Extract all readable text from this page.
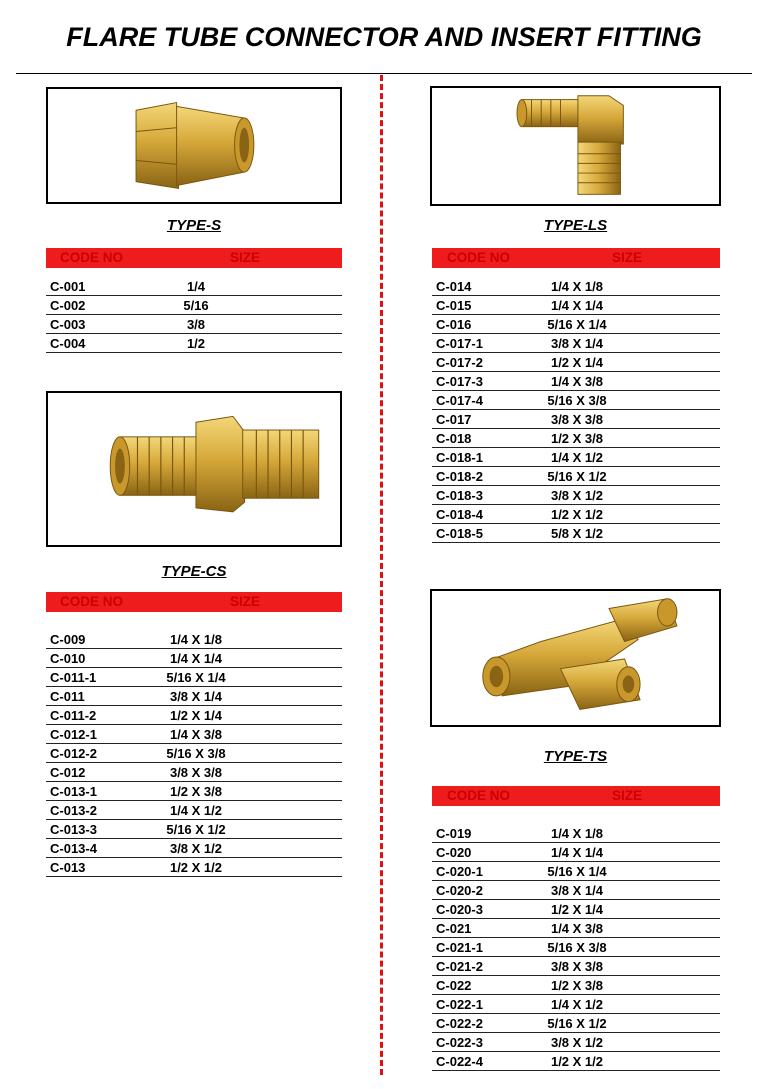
FLARE TUBE CONNECTOR AND INSERT FITTING
TYPE-S
CODE NO	SIZE
C-001	1/4
C-002	5/16
C-003	3/8
C-004	1/2
TYPE-CS
CODE NO	SIZE
C-009	1/4 X 1/8
C-010	1/4 X 1/4
C-011-1	5/16 X 1/4
C-011	3/8 X 1/4
C-011-2	1/2 X 1/4
C-012-1	1/4 X 3/8
C-012-2	5/16 X 3/8
C-012	3/8 X 3/8
C-013-1	1/2 X 3/8
C-013-2	1/4 X 1/2
C-013-3	5/16 X 1/2
C-013-4	3/8 X 1/2
C-013	1/2 X 1/2
TYPE-LS
CODE NO	SIZE
C-014	1/4 X 1/8
C-015	1/4 X 1/4
C-016	5/16 X 1/4
C-017-1	3/8 X 1/4
C-017-2	1/2 X 1/4
C-017-3	1/4 X 3/8
C-017-4	5/16 X 3/8
C-017	3/8 X 3/8
C-018	1/2 X 3/8
C-018-1	1/4 X 1/2
C-018-2	5/16 X 1/2
C-018-3	3/8 X 1/2
C-018-4	1/2 X 1/2
C-018-5	5/8 X 1/2
TYPE-TS
CODE NO	SIZE
C-019	1/4 X 1/8
C-020	1/4 X 1/4
C-020-1	5/16 X 1/4
C-020-2	3/8 X 1/4
C-020-3	1/2 X 1/4
C-021	1/4 X 3/8
C-021-1	5/16 X 3/8
C-021-2	3/8 X 3/8
C-022	1/2 X 3/8
C-022-1	1/4 X 1/2
C-022-2	5/16 X 1/2
C-022-3	3/8 X 1/2
C-022-4	1/2 X 1/2
